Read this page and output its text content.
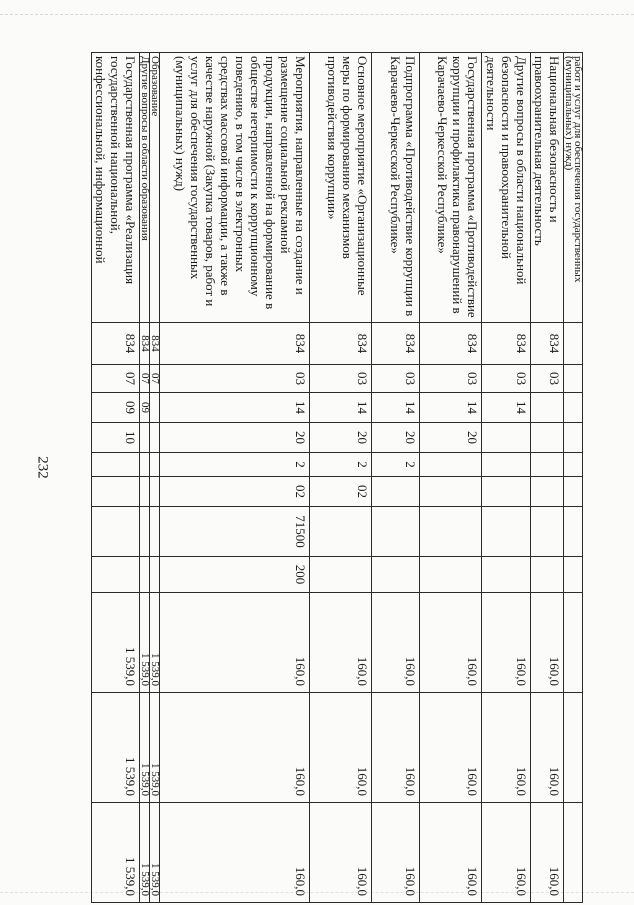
232
работ и услуг для обеспечения государственных (муниципальных) нужд)											
Национальная безопасность и правоохранительная деятельность	834	03							160,0	160,0	160,0
Другие вопросы в области национальной безопасности и правоохранительной деятельности	834	03	14						160,0	160,0	160,0
Государственная программа «Противодействие коррупции и профилактика правонарушений в Карачаево-Черкесской Республике»	834	03	14	20					160,0	160,0	160,0
Подпрограмма «Противодействие коррупции в Карачаево-Черкесской Республике»	834	03	14	20	2				160,0	160,0	160,0
Основное мероприятие «Организационные меры по формированию механизмов противодействия коррупции»	834	03	14	20	2	02			160,0	160,0	160,0
Мероприятия, направленные на создание и размещение социальной рекламной продукции, направленной на формирование в обществе нетерпимости к коррупционному поведению, в том числе в электронных средствах массовой информации, а также в качестве наружной (Закупка товаров, работ и услуг для обеспечения государственных (муниципальных) нужд)	834	03	14	20	2	02	71500	200	160,0	160,0	160,0
Образование	834	07							1 539,0	1 539,0	1 539,0
Другие вопросы в области образования	834	07	09						1 539,0	1 539,0	1 539,0
Государственная программа «Реализация государственной национальной, конфессиональной, информационной	834	07	09	10					1 539,0	1 539,0	1 539,0
